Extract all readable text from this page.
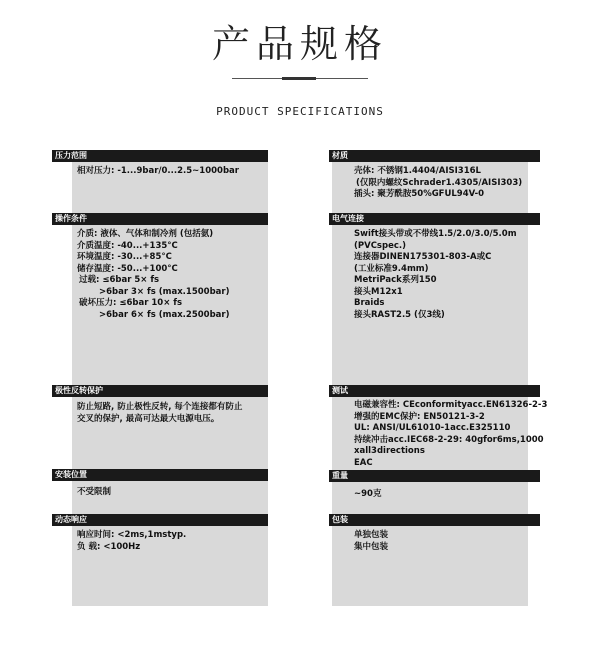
产品规格
PRODUCT SPECIFICATIONS
压力范围
相对压力: -1...9bar/0...2.5~1000bar
操作条件
介质: 液体、气体和制冷剂 (包括氨)
介质温度: -40...+135°C
环境温度: -30...+85°C
储存温度: -50...+100°C
过载: ≤6bar 5× fs
>6bar 3× fs (max.1500bar)
破坏压力: ≤6bar 10× fs
>6bar 6× fs (max.2500bar)
极性反转保护
防止短路, 防止极性反转, 每个连接都有防止
交叉的保护, 最高可达最大电源电压。
安装位置
不受限制
动态响应
响应时间: <2ms,1mstyp.
负 载: <100Hz
材质
壳体: 不锈钢1.4404/AISI316L
(仅限内螺纹Schrader1.4305/AISI303)
插头: 聚芳酰胺50%GFUL94V-0
电气连接
Swift接头带或不带线1.5/2.0/3.0/5.0m
(PVCspec.)
连接器DINEN175301-803-A或C
(工业标准9.4mm)
MetriPack系列150
接头M12x1
Braids
接头RAST2.5 (仅3线)
测试
电磁兼容性: CEconformityacc.EN61326-2-3
增强的EMC保护: EN50121-3-2
UL: ANSI/UL61010-1acc.E325110
持续冲击acc.IEC68-2-29: 40gfor6ms,1000
xall3directions
EAC
重量
~90克
包装
单独包装
集中包装
